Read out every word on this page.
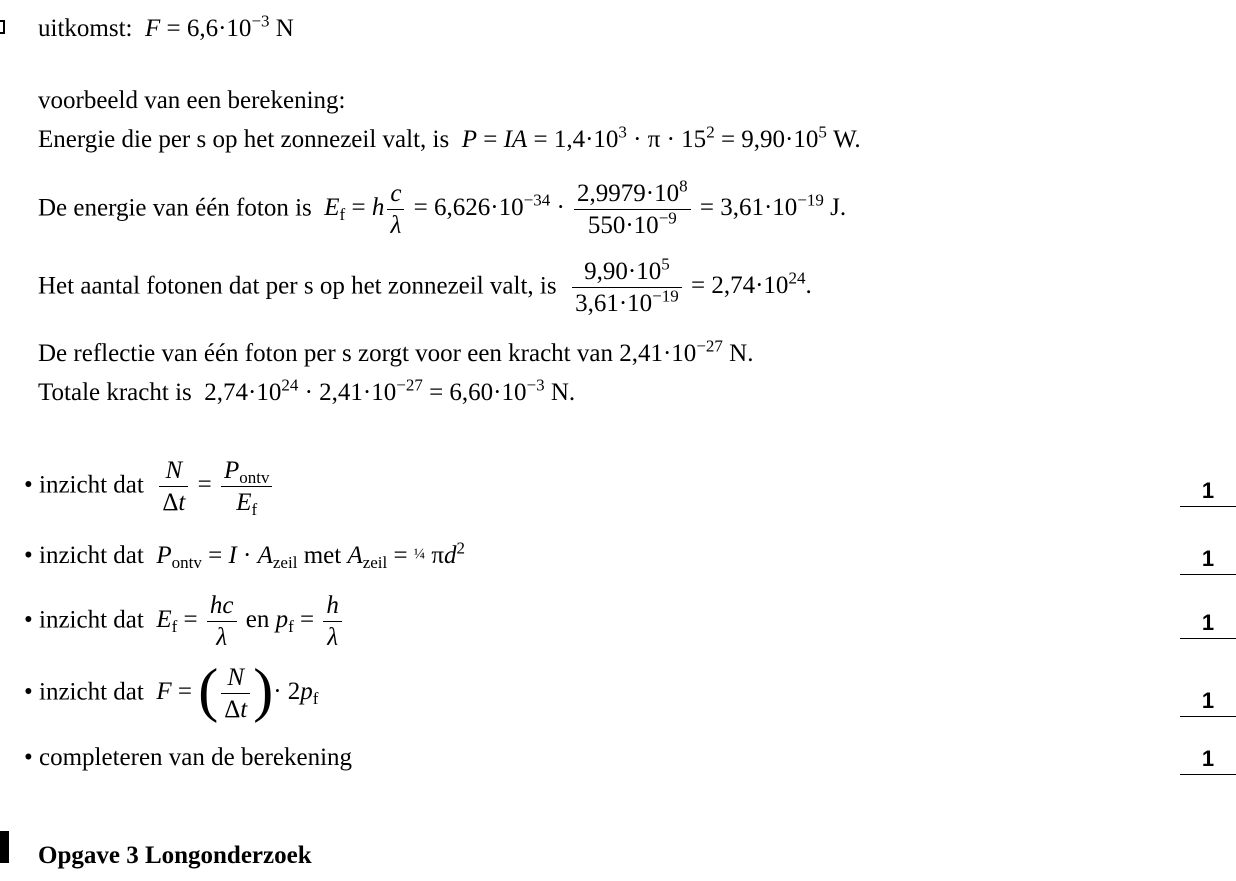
uitkomst: $F = 6,6\cdot 10^{-3}$ N
voorbeeld van een berekening:
Energie die per s op het zonnezeil valt, is P = IA = $1,4\cdot 10^3 \cdot \pi \cdot 15^2 = 9,90\cdot 10^5$ W.
De energie van één foton is $E_f = h \frac{c}{\lambda} = 6,626\cdot 10^{-34} \cdot \frac{2,9979\cdot 10^8}{550\cdot 10^{-9}} = 3,61\cdot 10^{-19}$ J.
Het aantal fotonen dat per s op het zonnezeil valt, is $\frac{9,90\cdot 10^5}{3,61\cdot 10^{-19}} = 2,74\cdot 10^{24}$.
De reflectie van één foton per s zorgt voor een kracht van $2,41\cdot 10^{-27}$ N.
Totale kracht is $2,74\cdot 10^{24} \cdot 2,41\cdot 10^{-27} = 6,60\cdot 10^{-3}$ N.
• inzicht dat $\frac{N}{\Delta t} = \frac{P_{ontv}}{E_f}$	1
• inzicht dat $P_{ontv} = I \cdot A_{zeil}$ met $A_{zeil}$ = ¼ $\pi d^2$	1
• inzicht dat $E_f = \frac{hc}{\lambda}$ en $p_f = \frac{h}{\lambda}$	1
• inzicht dat F = ( $\frac{N}{\Delta t}$ )· $2p_f$	1
• completeren van de berekening	1
Opgave 3 Longonderzoek
